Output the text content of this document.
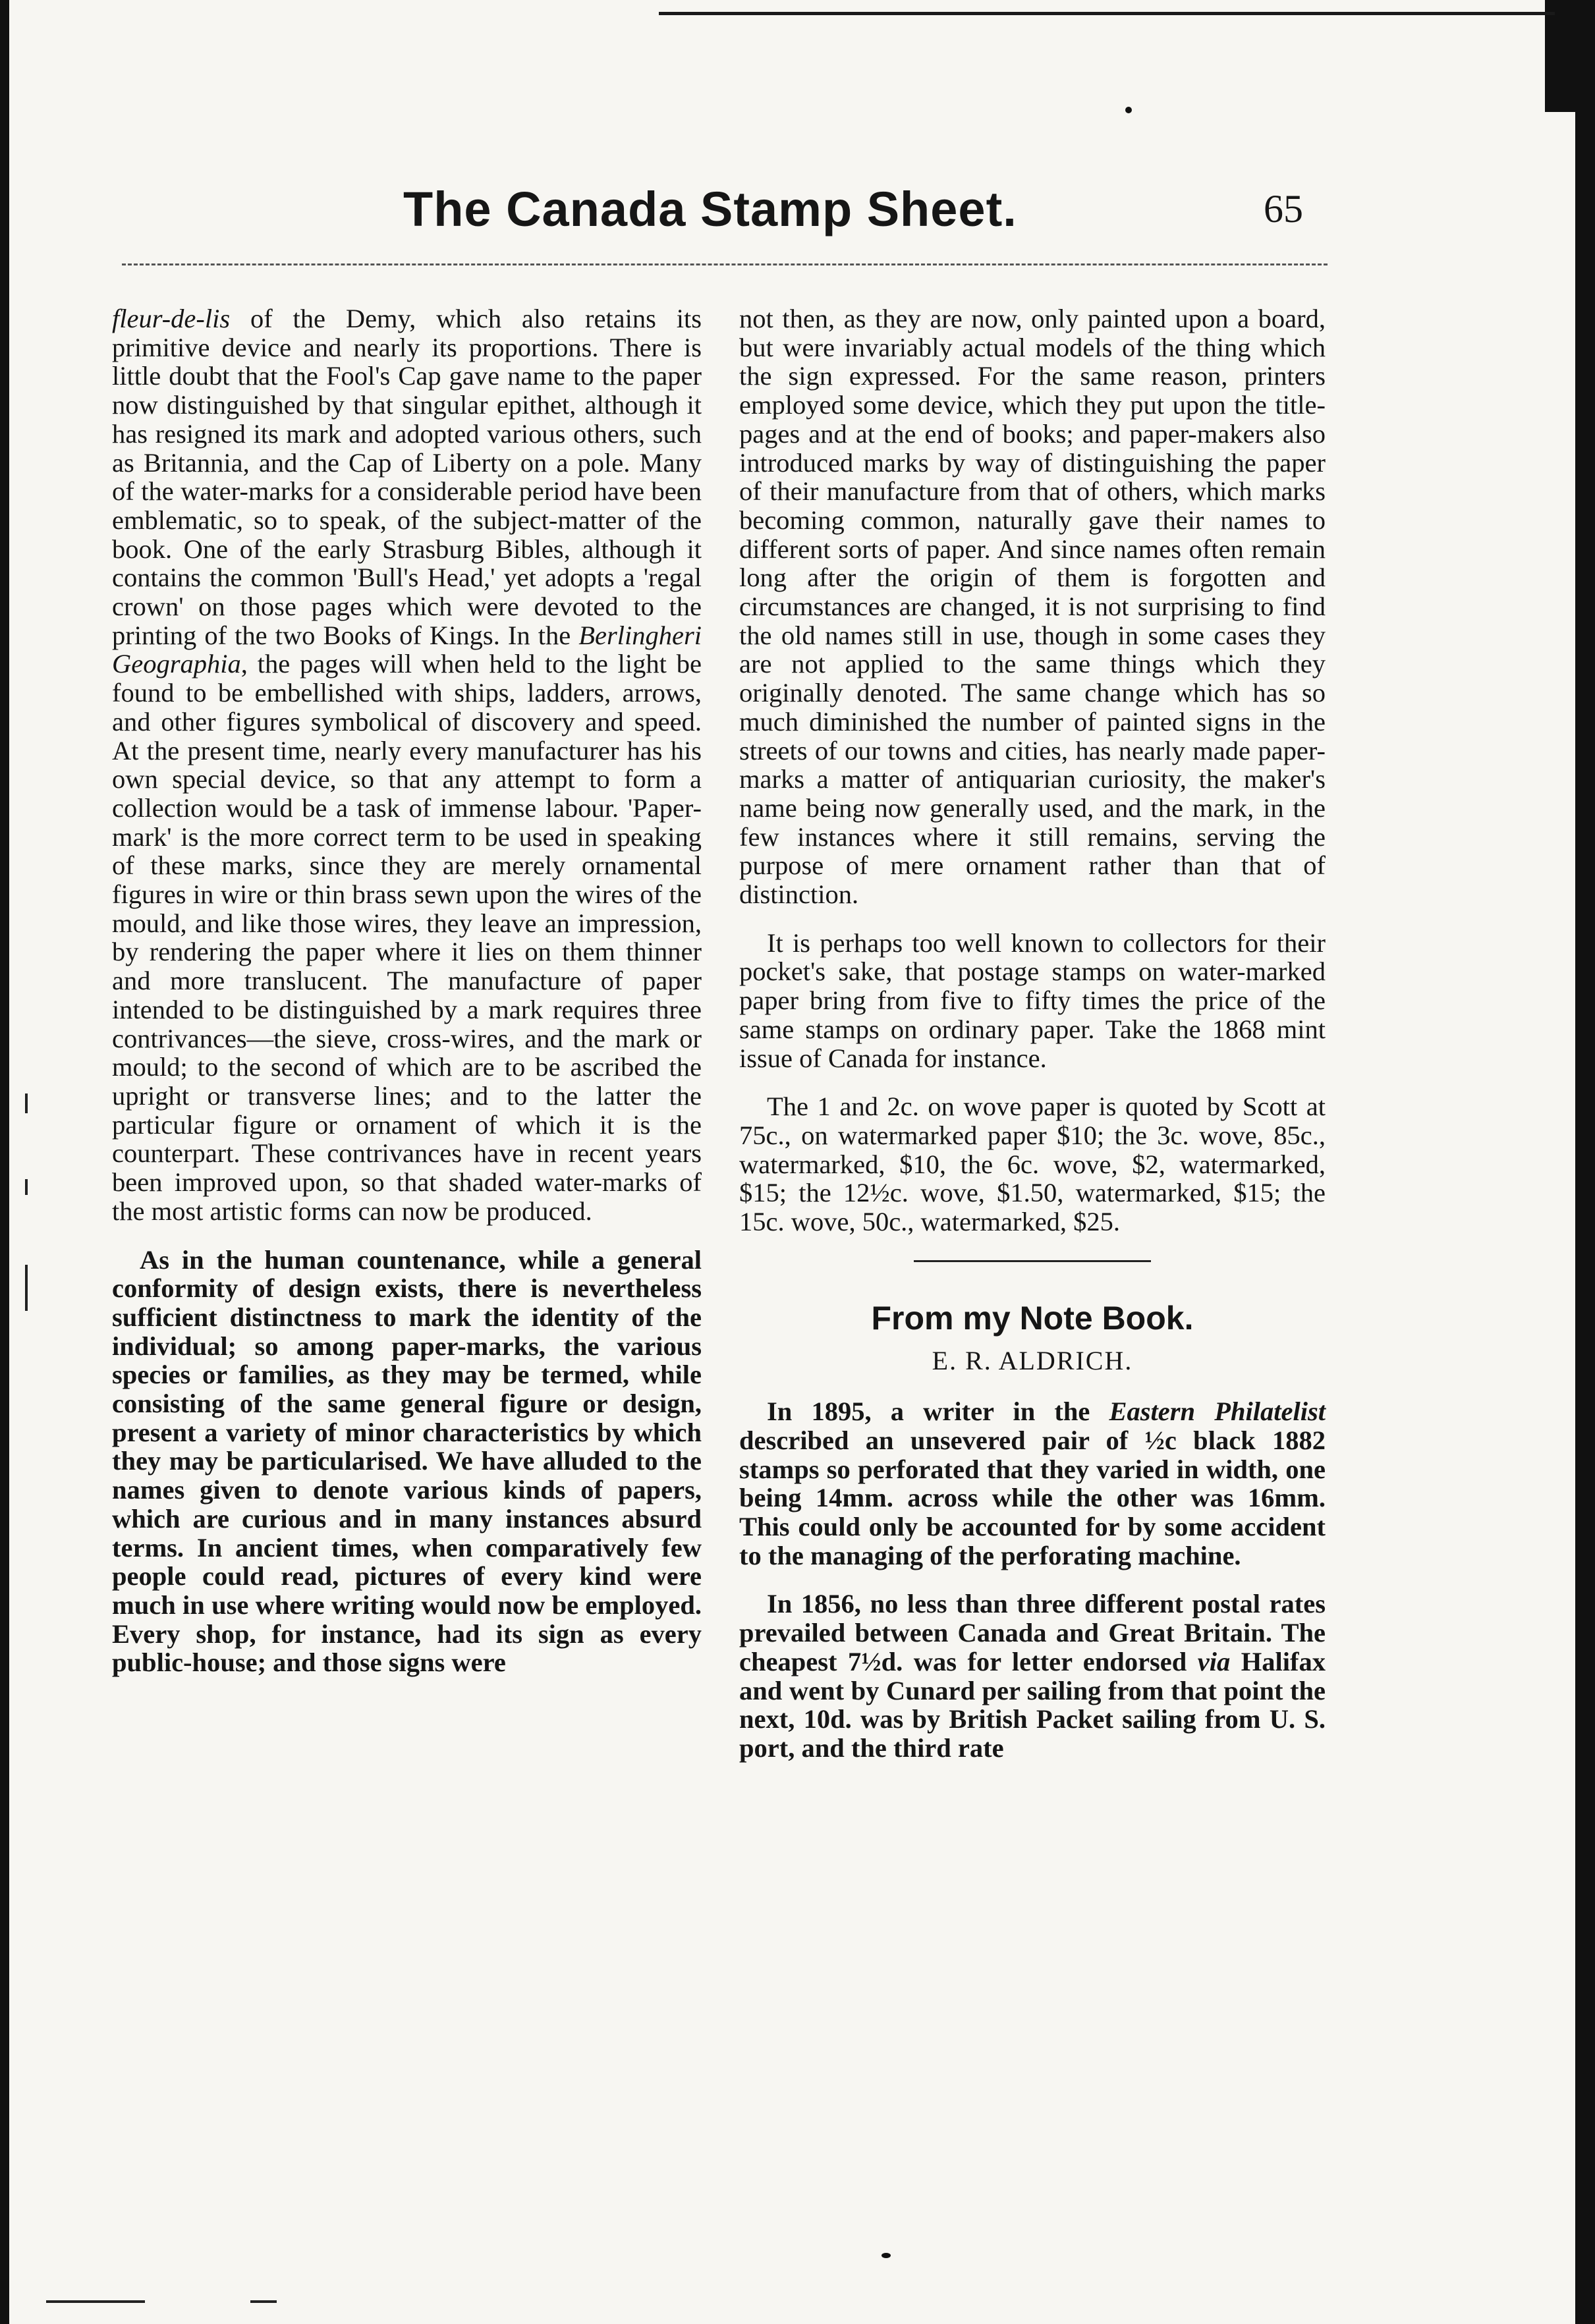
The Canada Stamp Sheet.	65

fleur-de-lis of the Demy, which also retains its primitive device and nearly its proportions. There is little doubt that the Fool's Cap gave name to the paper now distinguished by that singular epithet, although it has resigned its mark and adopted various others, such as Britannia, and the Cap of Liberty on a pole. Many of the water-marks for a considerable period have been emblematic, so to speak, of the subject-matter of the book. One of the early Strasburg Bibles, although it contains the common 'Bull's Head,' yet adopts a 'regal crown' on those pages which were devoted to the printing of the two Books of Kings. In the Berlingheri Geographia, the pages will when held to the light be found to be embellished with ships, ladders, arrows, and other figures symbolical of discovery and speed. At the present time, nearly every manufacturer has his own special device, so that any attempt to form a collection would be a task of immense labour. 'Paper-mark' is the more correct term to be used in speaking of these marks, since they are merely ornamental figures in wire or thin brass sewn upon the wires of the mould, and like those wires, they leave an impression, by rendering the paper where it lies on them thinner and more translucent. The manufacture of paper intended to be distinguished by a mark requires three contrivances—the sieve, cross-wires, and the mark or mould; to the second of which are to be ascribed the upright or transverse lines; and to the latter the particular figure or ornament of which it is the counterpart. These contrivances have in recent years been improved upon, so that shaded water-marks of the most artistic forms can now be produced.

As in the human countenance, while a general conformity of design exists, there is nevertheless sufficient distinctness to mark the identity of the individual; so among paper-marks, the various species or families, as they may be termed, while consisting of the same general figure or design, present a variety of minor characteristics by which they may be particularised. We have alluded to the names given to denote various kinds of papers, which are curious and in many instances absurd terms. In ancient times, when comparatively few people could read, pictures of every kind were much in use where writing would now be employed. Every shop, for instance, had its sign as every public-house; and those signs were

not then, as they are now, only painted upon a board, but were invariably actual models of the thing which the sign expressed. For the same reason, printers employed some device, which they put upon the title-pages and at the end of books; and paper-makers also introduced marks by way of distinguishing the paper of their manufacture from that of others, which marks becoming common, naturally gave their names to different sorts of paper. And since names often remain long after the origin of them is forgotten and circumstances are changed, it is not surprising to find the old names still in use, though in some cases they are not applied to the same things which they originally denoted. The same change which has so much diminished the number of painted signs in the streets of our towns and cities, has nearly made paper-marks a matter of antiquarian curiosity, the maker's name being now generally used, and the mark, in the few instances where it still remains, serving the purpose of mere ornament rather than that of distinction.

It is perhaps too well known to collectors for their pocket's sake, that postage stamps on water-marked paper bring from five to fifty times the price of the same stamps on ordinary paper. Take the 1868 mint issue of Canada for instance.

The 1 and 2c. on wove paper is quoted by Scott at 75c., on watermarked paper $10; the 3c. wove, 85c., watermarked, $10, the 6c. wove, $2, watermarked, $15; the 12½c. wove, $1.50, watermarked, $15; the 15c. wove, 50c., watermarked, $25.

From my Note Book.
E. R. ALDRICH.

In 1895, a writer in the Eastern Philatelist described an unsevered pair of ½c black 1882 stamps so perforated that they varied in width, one being 14mm. across while the other was 16mm. This could only be accounted for by some accident to the managing of the perforating machine.

In 1856, no less than three different postal rates prevailed between Canada and Great Britain. The cheapest 7½d. was for letter endorsed via Halifax and went by Cunard per sailing from that point the next, 10d. was by British Packet sailing from U. S. port, and the third rate
